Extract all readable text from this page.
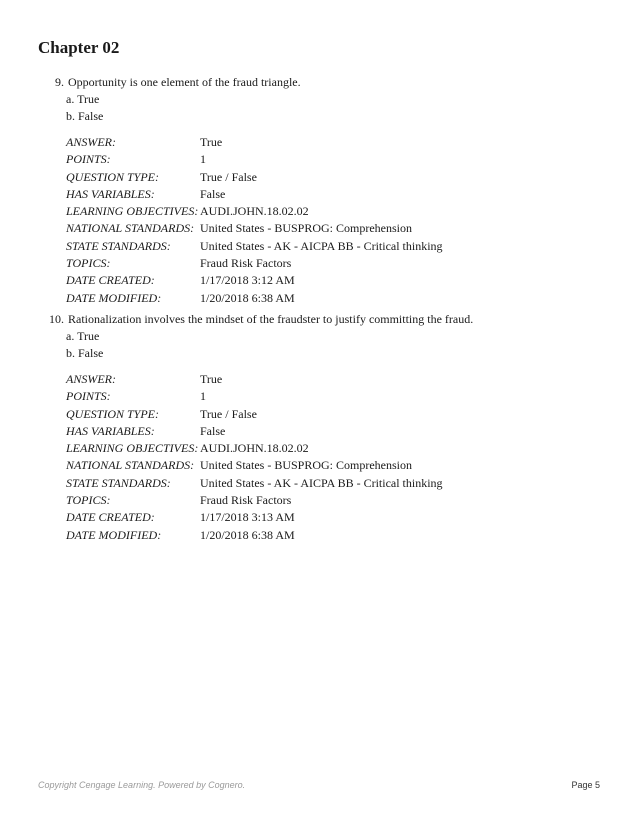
Chapter 02
9. Opportunity is one element of the fraud triangle.
a. True
b. False
ANSWER:	True
POINTS:	1
QUESTION TYPE:	True / False
HAS VARIABLES:	False
LEARNING OBJECTIVES: AUDI.JOHN.18.02.02
NATIONAL STANDARDS: United States - BUSPROG: Comprehension
STATE STANDARDS: United States - AK - AICPA BB - Critical thinking
TOPICS:	Fraud Risk Factors
DATE CREATED:	1/17/2018 3:12 AM
DATE MODIFIED:	1/20/2018 6:38 AM
10. Rationalization involves the mindset of the fraudster to justify committing the fraud.
a. True
b. False
ANSWER:	True
POINTS:	1
QUESTION TYPE:	True / False
HAS VARIABLES:	False
LEARNING OBJECTIVES: AUDI.JOHN.18.02.02
NATIONAL STANDARDS: United States - BUSPROG: Comprehension
STATE STANDARDS: United States - AK - AICPA BB - Critical thinking
TOPICS:	Fraud Risk Factors
DATE CREATED:	1/17/2018 3:13 AM
DATE MODIFIED:	1/20/2018 6:38 AM
Copyright Cengage Learning. Powered by Cognero.	Page 5
